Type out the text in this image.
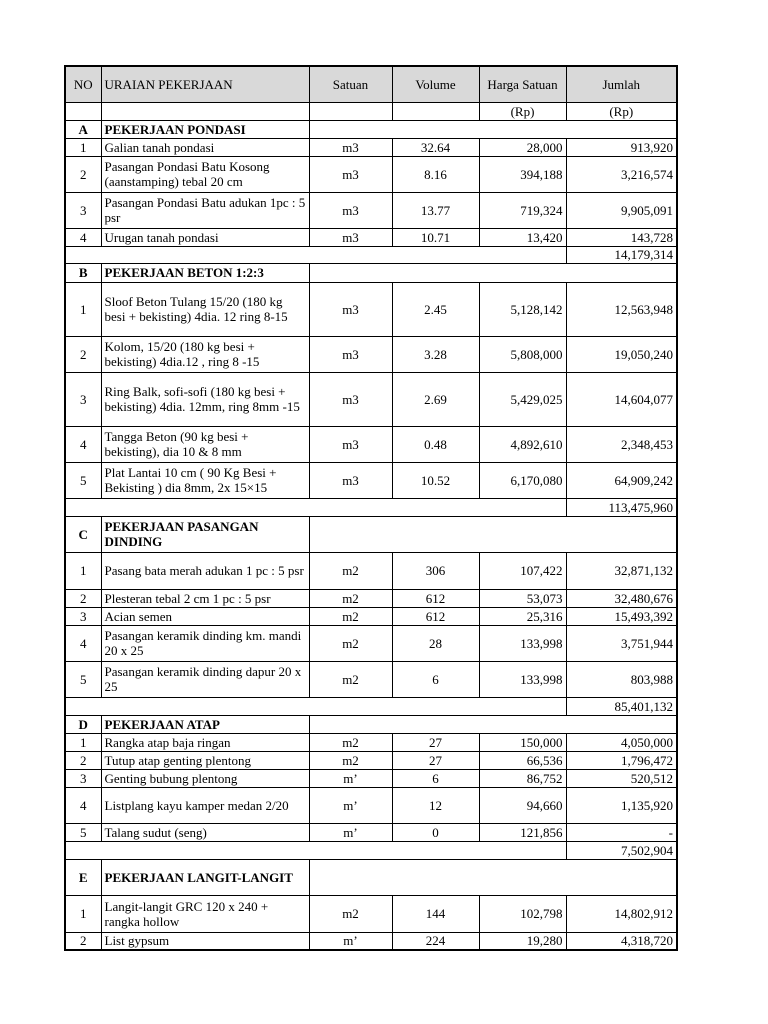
NO	URAIAN PEKERJAAN	Satuan	Volume	Harga Satuan	Jumlah
				(Rp)	(Rp)
A	PEKERJAAN PONDASI				
1	Galian tanah pondasi	m3	32.64	28,000	913,920
2	Pasangan Pondasi Batu Kosong (aanstamping) tebal 20 cm	m3	8.16	394,188	3,216,574
3	Pasangan Pondasi Batu adukan 1pc : 5 psr	m3	13.77	719,324	9,905,091
4	Urugan tanah pondasi	m3	10.71	13,420	143,728
					14,179,314
B	PEKERJAAN BETON 1:2:3				
1	Sloof Beton Tulang 15/20 (180 kg besi + bekisting) 4dia. 12 ring 8-15	m3	2.45	5,128,142	12,563,948
2	Kolom, 15/20 (180 kg besi + bekisting) 4dia.12 , ring 8 -15	m3	3.28	5,808,000	19,050,240
3	Ring Balk, sofi-sofi (180 kg besi + bekisting) 4dia. 12mm, ring 8mm -15	m3	2.69	5,429,025	14,604,077
4	Tangga Beton (90 kg besi + bekisting), dia 10 & 8 mm	m3	0.48	4,892,610	2,348,453
5	Plat Lantai 10 cm ( 90 Kg Besi + Bekisting ) dia 8mm, 2x 15×15	m3	10.52	6,170,080	64,909,242
					113,475,960
C	PEKERJAAN PASANGAN DINDING				
1	Pasang bata merah adukan 1 pc : 5 psr	m2	306	107,422	32,871,132
2	Plesteran tebal 2 cm 1 pc : 5 psr	m2	612	53,073	32,480,676
3	Acian semen	m2	612	25,316	15,493,392
4	Pasangan keramik dinding km. mandi 20 x 25	m2	28	133,998	3,751,944
5	Pasangan keramik dinding dapur 20 x 25	m2	6	133,998	803,988
					85,401,132
D	PEKERJAAN ATAP				
1	Rangka atap baja ringan	m2	27	150,000	4,050,000
2	Tutup atap genting plentong	m2	27	66,536	1,796,472
3	Genting bubung plentong	m’	6	86,752	520,512
4	Listplang kayu kamper medan 2/20	m’	12	94,660	1,135,920
5	Talang sudut (seng)	m’	0	121,856	-
					7,502,904
E	PEKERJAAN LANGIT-LANGIT				
1	Langit-langit GRC 120 x 240 + rangka hollow	m2	144	102,798	14,802,912
2	List gypsum	m’	224	19,280	4,318,720
